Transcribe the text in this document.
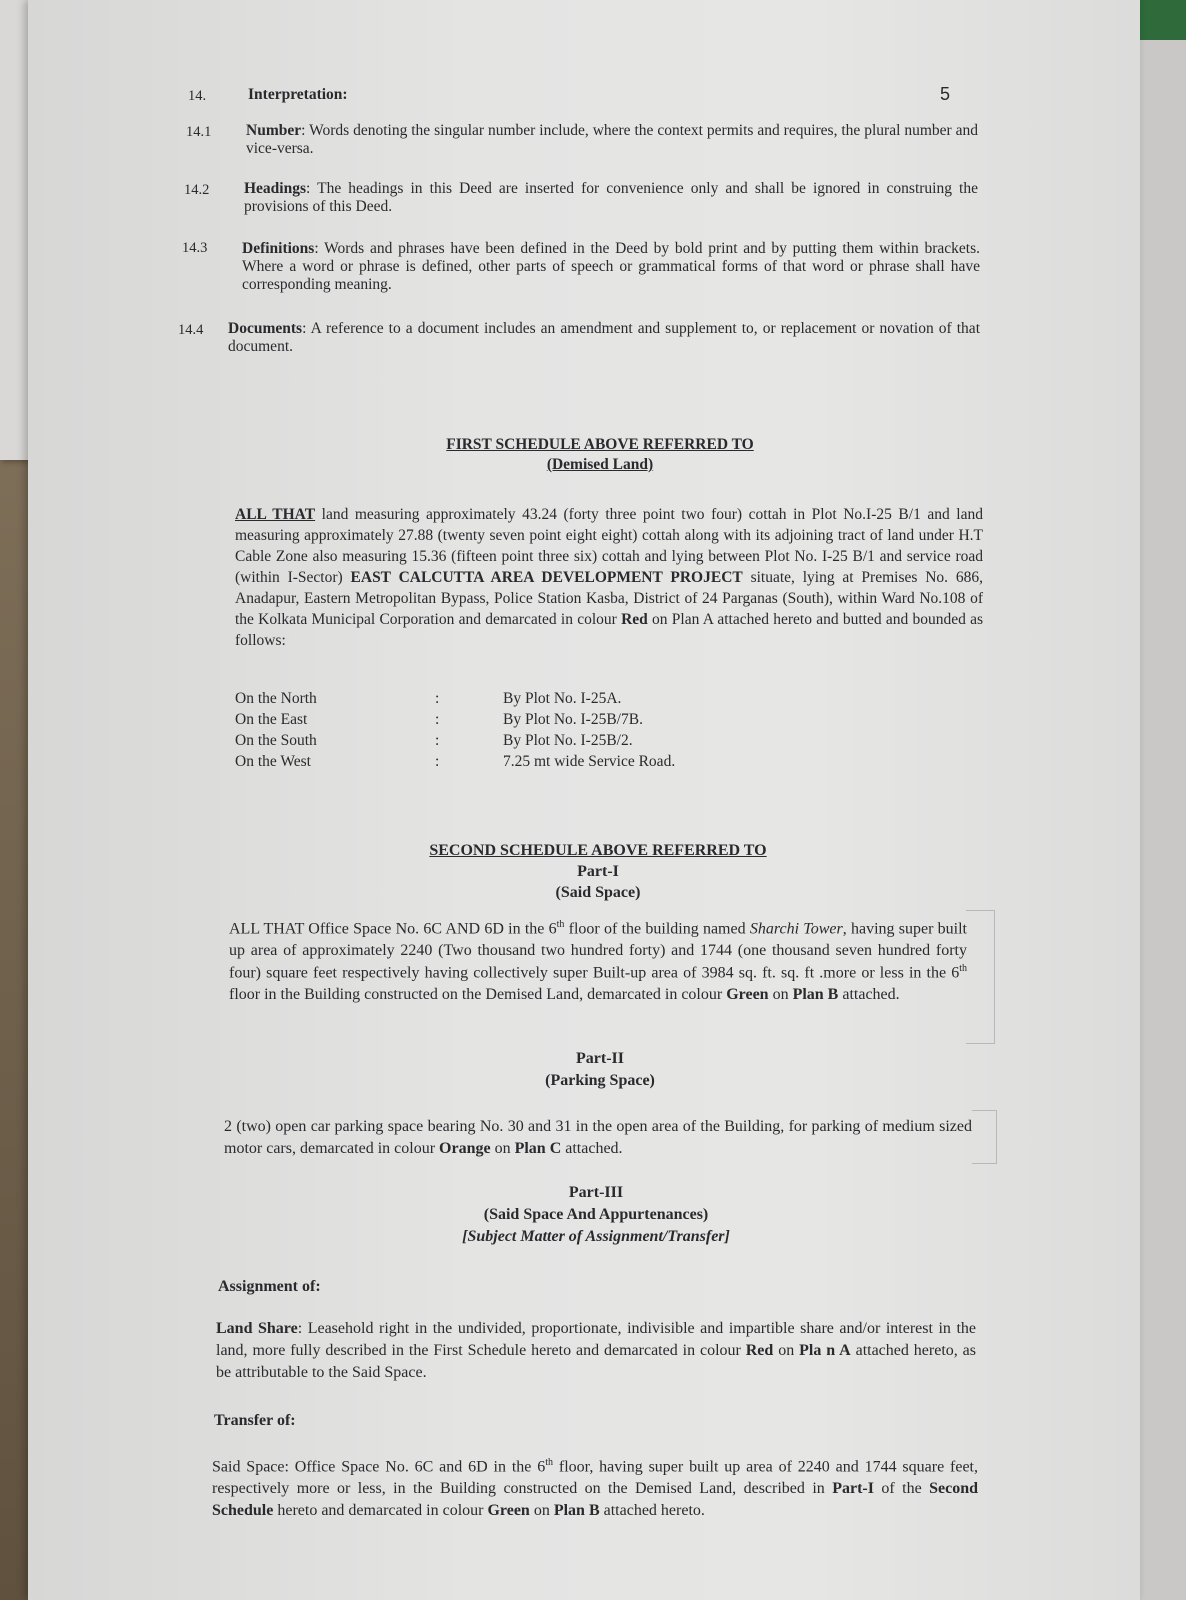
5
14.	Interpretation:
14.1 Number: Words denoting the singular number include, where the context permits and requires, the plural number and vice-versa.
14.2 Headings: The headings in this Deed are inserted for convenience only and shall be ignored in construing the provisions of this Deed.
14.3 Definitions: Words and phrases have been defined in the Deed by bold print and by putting them within brackets. Where a word or phrase is defined, other parts of speech or grammatical forms of that word or phrase shall have corresponding meaning.
14.4 Documents: A reference to a document includes an amendment and supplement to, or replacement or novation of that document.
FIRST SCHEDULE ABOVE REFERRED TO
(Demised Land)
ALL THAT land measuring approximately 43.24 (forty three point two four) cottah in Plot No.I-25 B/1 and land measuring approximately 27.88 (twenty seven point eight eight) cottah along with its adjoining tract of land under H.T Cable Zone also measuring 15.36 (fifteen point three six) cottah and lying between Plot No. I-25 B/1 and service road (within I-Sector) EAST CALCUTTA AREA DEVELOPMENT PROJECT situate, lying at Premises No. 686, Anadapur, Eastern Metropolitan Bypass, Police Station Kasba, District of 24 Parganas (South), within Ward No.108 of the Kolkata Municipal Corporation and demarcated in colour Red on Plan A attached hereto and butted and bounded as follows:
On the North	:	By Plot No. I-25A.
On the East	:	By Plot No. I-25B/7B.
On the South	:	By Plot No. I-25B/2.
On the West	:	7.25 mt wide Service Road.
SECOND SCHEDULE ABOVE REFERRED TO
Part-I
(Said Space)
ALL THAT Office Space No. 6C AND 6D in the 6th floor of the building named Sharchi Tower, having super built up area of approximately 2240 (Two thousand two hundred forty) and 1744 (one thousand seven hundred forty four) square feet respectively having collectively super Built-up area of 3984 sq. ft. sq. ft .more or less in the 6th floor in the Building constructed on the Demised Land, demarcated in colour Green on Plan B attached.
Part-II
(Parking Space)
2 (two) open car parking space bearing No. 30 and 31 in the open area of the Building, for parking of medium sized motor cars, demarcated in colour Orange on Plan C attached.
Part-III
(Said Space And Appurtenances)
[Subject Matter of Assignment/Transfer]
Assignment of:
Land Share: Leasehold right in the undivided, proportionate, indivisible and impartible share and/or interest in the land, more fully described in the First Schedule hereto and demarcated in colour Red on Pla n A attached hereto, as be attributable to the Said Space.
Transfer of:
Said Space: Office Space No. 6C and 6D in the 6th floor, having super built up area of 2240 and 1744 square feet, respectively more or less, in the Building constructed on the Demised Land, described in Part-I of the Second Schedule hereto and demarcated in colour Green on Plan B attached hereto.
